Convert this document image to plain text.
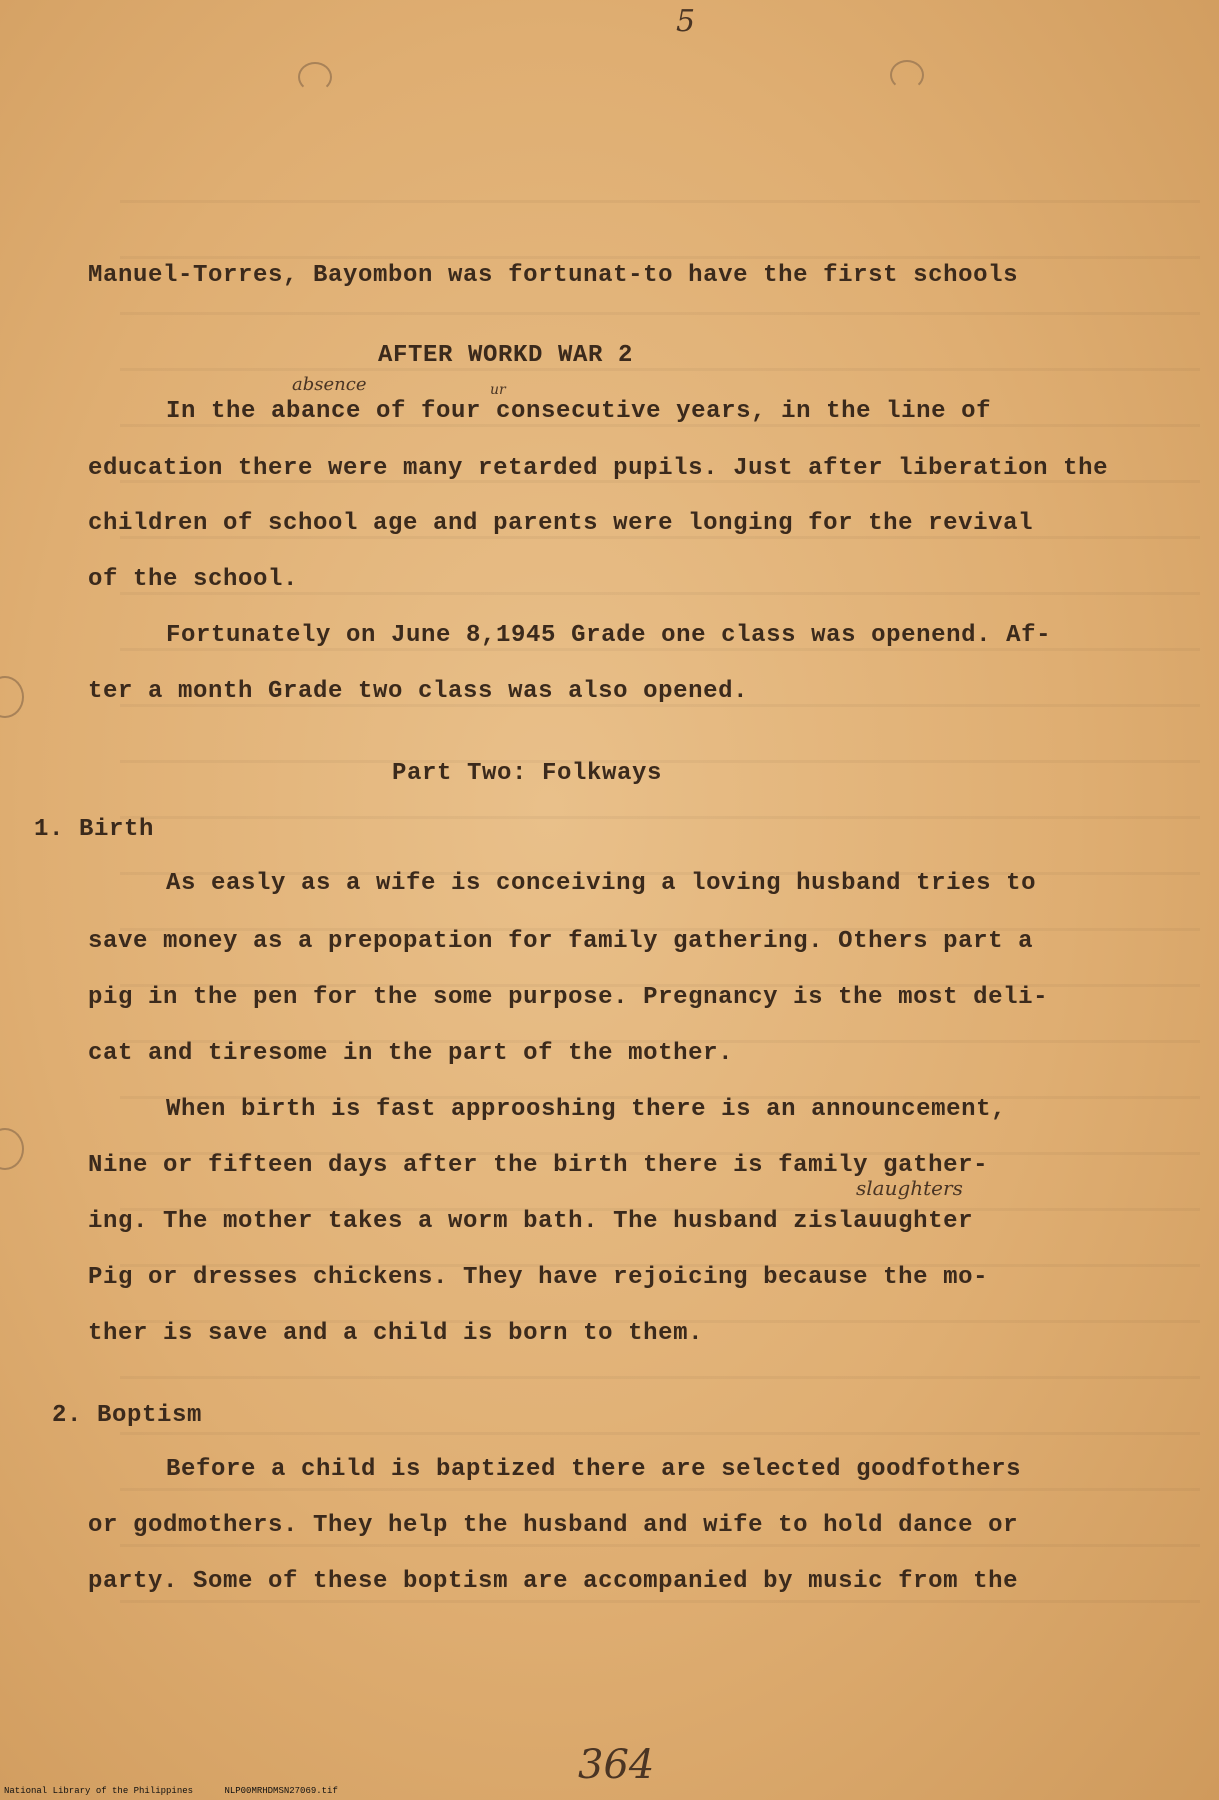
5
Manuel-Torres, Bayombon was fortunat-to have the first schools
AFTER WORKD WAR 2
absence	ur
In the abance of four consecutive years, in the line of
education there were many retarded pupils. Just after liberation the
children of school age and parents were longing for the revival
of the school.
Fortunately on June 8,1945 Grade one class was openend. Af-
ter a month Grade two class was also opened.
Part Two: Folkways
1. Birth
As easly as a wife is conceiving a loving husband tries to
save money as a prepopation for family gathering. Others part a
pig in the pen for the some purpose. Pregnancy is the most deli-
cat and tiresome in the part of the mother.
When birth is fast approoshing there is an announcement,
Nine or fifteen days after the birth there is family gather-
slaughters
ing. The mother takes a worm bath. The husband zislauughter
Pig or dresses chickens. They have rejoicing because the mo-
ther is save and a child is born to them.
2. Boptism
Before a child is baptized there are selected goodfothers
or godmothers. They help the husband and wife to hold dance or
party. Some of these boptism are accompanied by music from the
364
National Library of the Philippines	NLP00MRHDMSN27069.tif
